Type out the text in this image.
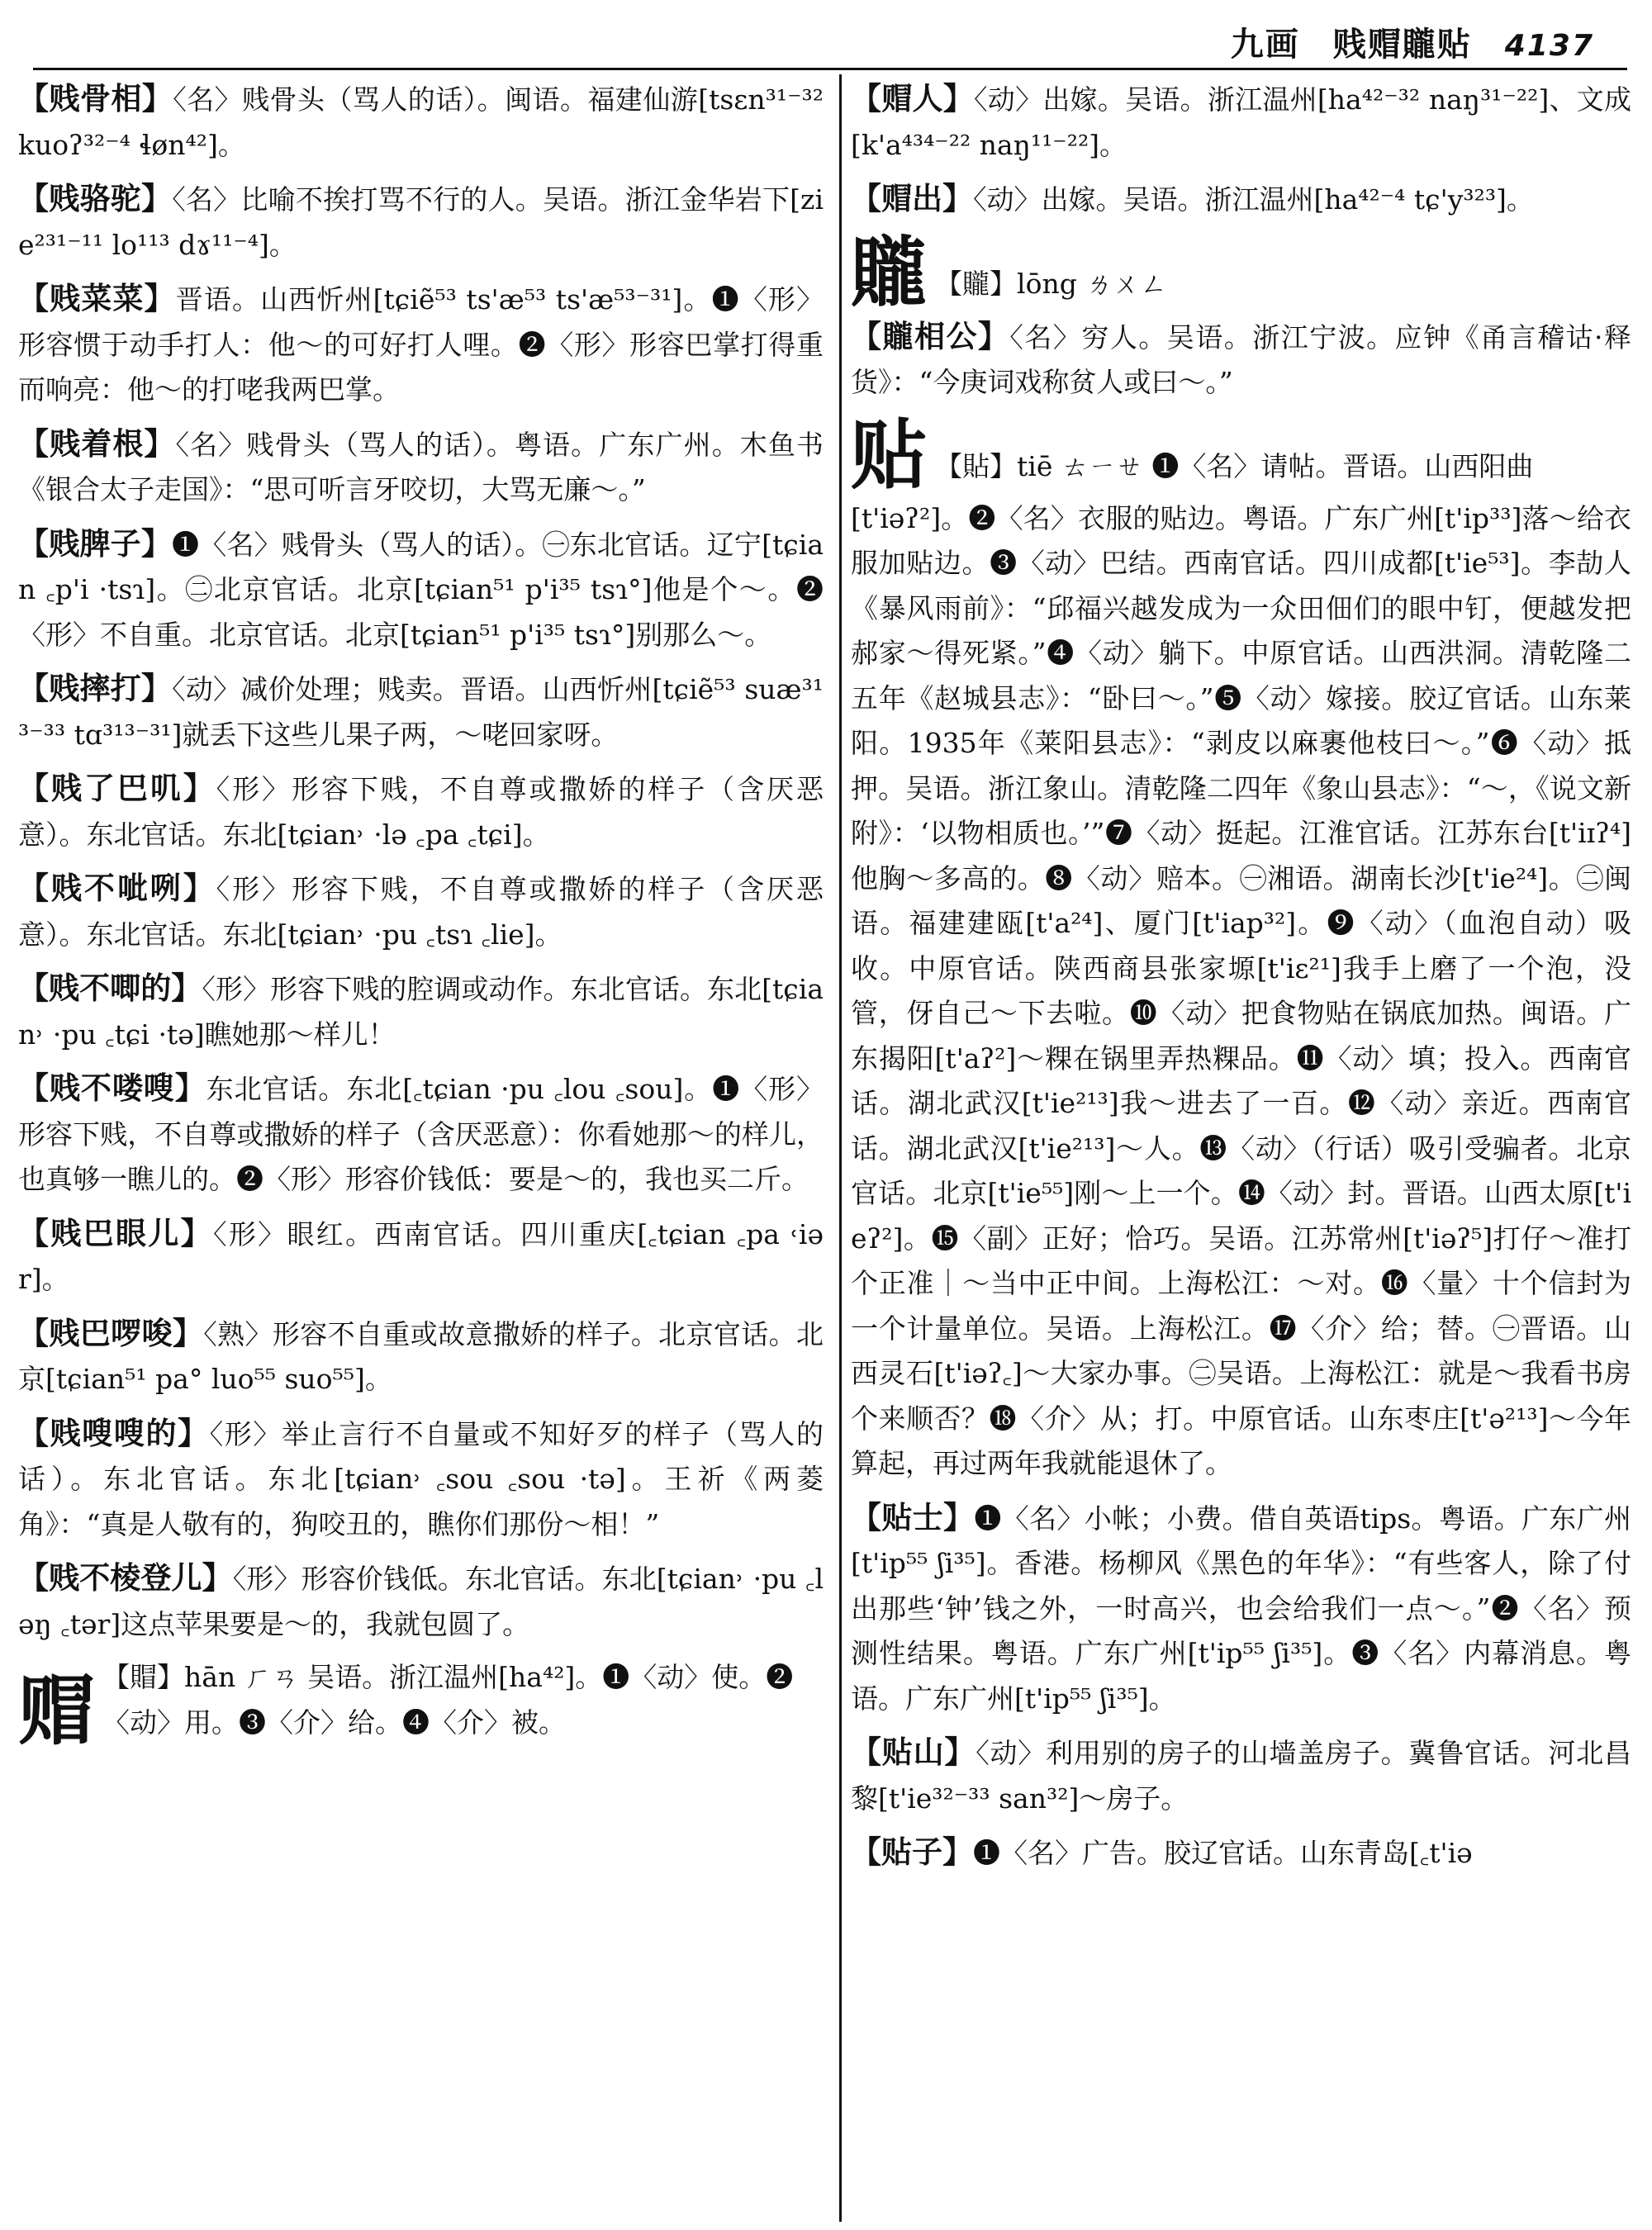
九画 贱赗贚贴 4137

【贱骨相】〈名〉贱骨头（骂人的话）。闽语。福建仙游[tsɛn³¹⁻³² kuoʔ³²⁻⁴ ɬøn⁴²]。

【贱骆驼】〈名〉比喻不挨打骂不行的人。吴语。浙江金华岩下[zie²³¹⁻¹¹ lo¹¹³ dɤ¹¹⁻⁴]。

【贱菜菜】晋语。山西忻州[tɕiẽ⁵³ ts'æ⁵³ ts'æ⁵³⁻³¹]。❶〈形〉形容惯于动手打人：他～的可好打人哩。❷〈形〉形容巴掌打得重而响亮：他～的打咾我两巴掌。

【贱着根】〈名〉贱骨头（骂人的话）。粤语。广东广州。木鱼书《银合太子走国》：“思可听言牙咬切，大骂无廉～。”

【贱脾子】❶〈名〉贱骨头（骂人的话）。㊀东北官话。辽宁[tɕian ꜀p'i ·tsɿ]。㊁北京官话。北京[tɕian⁵¹ p'i³⁵ tsɿ°]他是个～。❷〈形〉不自重。北京官话。北京[tɕian⁵¹ p'i³⁵ tsɿ°]别那么～。

【贱摔打】〈动〉减价处理；贱卖。晋语。山西忻州[tɕiẽ⁵³ suæ³¹³⁻³³ tɑ³¹³⁻³¹]就丢下这些儿果子两，～咾回家呀。

【贱了巴叽】〈形〉形容下贱，不自尊或撒娇的样子（含厌恶意）。东北官话。东北[tɕian˒ ·lə ꜀pa ꜀tɕi]。

【贱不呲咧】〈形〉形容下贱，不自尊或撒娇的样子（含厌恶意）。东北官话。东北[tɕian˒ ·pu ꜀tsɿ ꜀lie]。

【贱不唧的】〈形〉形容下贱的腔调或动作。东北官话。东北[tɕian˒ ·pu ꜀tɕi ·tə]瞧她那～样儿！

【贱不喽嗖】东北官话。东北[꜀tɕian ·pu ꜀lou ꜀sou]。❶〈形〉形容下贱，不自尊或撒娇的样子（含厌恶意）：你看她那～的样儿，也真够一瞧儿的。❷〈形〉形容价钱低：要是～的，我也买二斤。

【贱巴眼儿】〈形〉眼红。西南官话。四川重庆[꜀tɕian ꜀pa ˓iər]。

【贱巴啰唆】〈熟〉形容不自重或故意撒娇的样子。北京官话。北京[tɕian⁵¹ pa° luo⁵⁵ suo⁵⁵]。

【贱嗖嗖的】〈形〉举止言行不自量或不知好歹的样子（骂人的话）。东北官话。东北[tɕian˒ ꜀sou ꜀sou ·tə]。王祈《两菱角》：“真是人敬有的，狗咬丑的，瞧你们那份～相！”

【贱不棱登儿】〈形〉形容价钱低。东北官话。东北[tɕian˒ ·pu ꜀ləŋ ꜀tər]这点苹果要是～的，我就包圆了。

赗 【賵】hān ㄏㄢ 吴语。浙江温州[ha⁴²]。❶〈动〉使。❷〈动〉用。❸〈介〉给。❹〈介〉被。

【赗人】〈动〉出嫁。吴语。浙江温州[ha⁴²⁻³² naŋ³¹⁻²²]、文成[k'a⁴³⁴⁻²² naŋ¹¹⁻²²]。

【赗出】〈动〉出嫁。吴语。浙江温州[ha⁴²⁻⁴ tɕ'y³²³]。

贚 【贚】lōng ㄌㄨㄥ

【贚相公】〈名〉穷人。吴语。浙江宁波。应钟《甬言稽诂·释货》：“今庚词戏称贫人或曰～。”

贴 【貼】tiē ㄊㄧㄝ ❶〈名〉请帖。晋语。山西阳曲

[t'iəʔ²]。❷〈名〉衣服的贴边。粤语。广东广州[t'ip³³]落～给衣服加贴边。❸〈动〉巴结。西南官话。四川成都[t'ie⁵³]。李劼人《暴风雨前》：“邱福兴越发成为一众田佃们的眼中钉，便越发把郝家～得死紧。”❹〈动〉躺下。中原官话。山西洪洞。清乾隆二五年《赵城县志》：“卧曰～。”❺〈动〉嫁接。胶辽官话。山东莱阳。1935年《莱阳县志》：“剥皮以麻裹他枝曰～。”❻〈动〉抵押。吴语。浙江象山。清乾隆二四年《象山县志》：“～，《说文新附》：‘以物相质也。’”❼〈动〉挺起。江淮官话。江苏东台[t'iɪʔ⁴]他胸～多高的。❽〈动〉赔本。㊀湘语。湖南长沙[t'ie²⁴]。㊁闽语。福建建瓯[t'a²⁴]、厦门[t'iap³²]。❾〈动〉（血泡自动）吸收。中原官话。陕西商县张家塬[t'iɛ²¹]我手上磨了一个泡，没管，伢自己～下去啦。❿〈动〉把食物贴在锅底加热。闽语。广东揭阳[t'aʔ²]～粿在锅里弄热粿品。⓫〈动〉填；投入。西南官话。湖北武汉[t'ie²¹³]我～进去了一百。⓬〈动〉亲近。西南官话。湖北武汉[t'ie²¹³]～人。⓭〈动〉（行话）吸引受骗者。北京官话。北京[t'ie⁵⁵]刚～上一个。⓮〈动〉封。晋语。山西太原[t'ieʔ²]。⓯〈副〉正好；恰巧。吴语。江苏常州[t'iəʔ⁵]打仔～准打个正准｜～当中正中间。上海松江：～对。⓰〈量〉十个信封为一个计量单位。吴语。上海松江。⓱〈介〉给；替。㊀晋语。山西灵石[t'iəʔ꜀]～大家办事。㊁吴语。上海松江：就是～我看书房个来顺否？⓲〈介〉从；打。中原官话。山东枣庄[t'ə²¹³]～今年算起，再过两年我就能退休了。

【贴士】❶〈名〉小帐；小费。借自英语tips。粤语。广东广州[t'ip⁵⁵ ʃi³⁵]。香港。杨柳风《黑色的年华》：“有些客人，除了付出那些‘钟’钱之外，一时高兴，也会给我们一点～。”❷〈名〉预测性结果。粤语。广东广州[t'ip⁵⁵ ʃi³⁵]。❸〈名〉内幕消息。粤语。广东广州[t'ip⁵⁵ ʃi³⁵]。

【贴山】〈动〉利用别的房子的山墙盖房子。冀鲁官话。河北昌黎[t'ie³²⁻³³ san³²]～房子。

【贴子】❶〈名〉广告。胶辽官话。山东青岛[꜀t'iə
